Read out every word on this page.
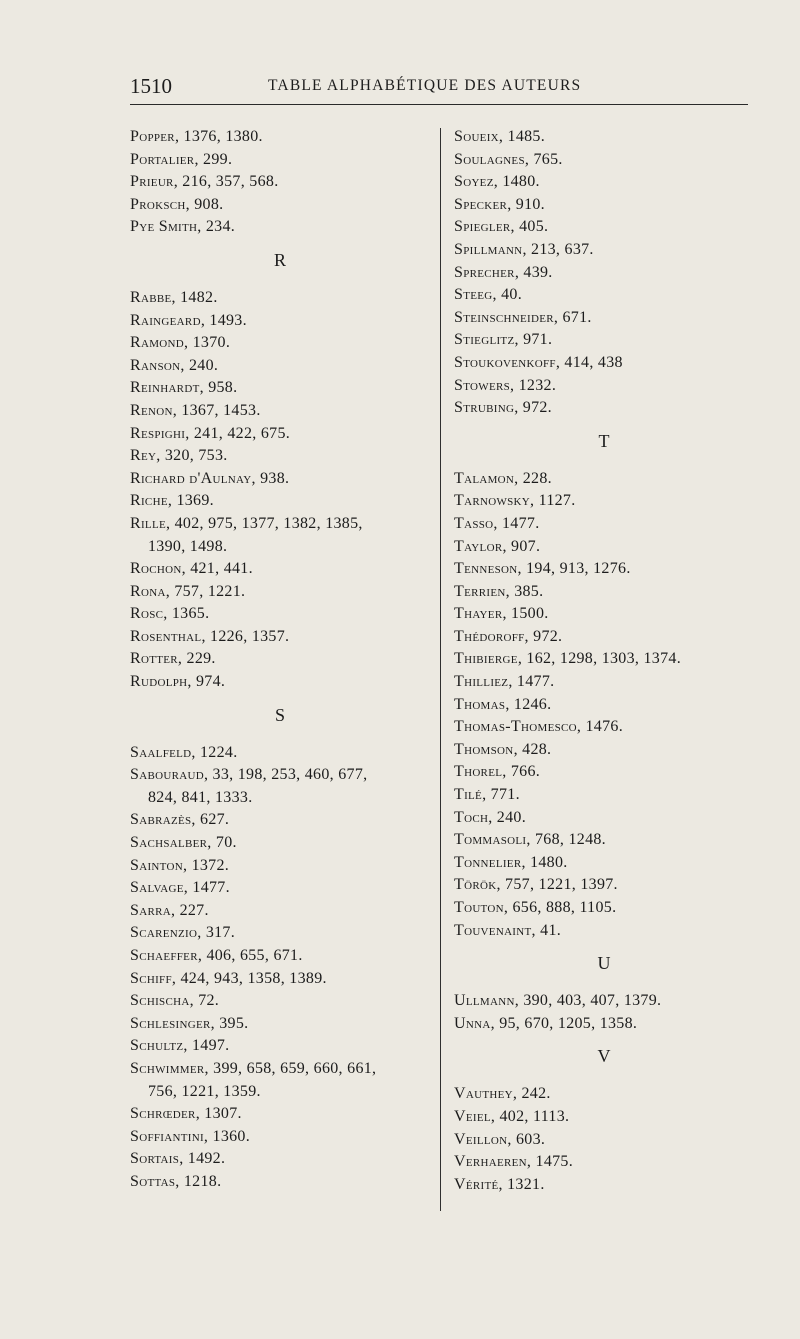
1510	TABLE ALPHABÉTIQUE DES AUTEURS
Popper, 1376, 1380.
Portalier, 299.
Prieur, 216, 357, 568.
Proksch, 908.
Pye Smith, 234.
R
Rabbe, 1482.
Raingeard, 1493.
Ramond, 1370.
Ranson, 240.
Reinhardt, 958.
Renon, 1367, 1453.
Respighi, 241, 422, 675.
Rey, 320, 753.
Richard d'Aulnay, 938.
Riche, 1369.
Rille, 402, 975, 1377, 1382, 1385,
1390, 1498.
Rochon, 421, 441.
Rona, 757, 1221.
Rosc, 1365.
Rosenthal, 1226, 1357.
Rotter, 229.
Rudolph, 974.
S
Saalfeld, 1224.
Sabouraud, 33, 198, 253, 460, 677,
824, 841, 1333.
Sabrazès, 627.
Sachsalber, 70.
Sainton, 1372.
Salvage, 1477.
Sarra, 227.
Scarenzio, 317.
Schaeffer, 406, 655, 671.
Schiff, 424, 943, 1358, 1389.
Schischa, 72.
Schlesinger, 395.
Schultz, 1497.
Schwimmer, 399, 658, 659, 660, 661,
756, 1221, 1359.
Schrœder, 1307.
Soffiantini, 1360.
Sortais, 1492.
Sottas, 1218.
Soueix, 1485.
Soulagnes, 765.
Soyez, 1480.
Specker, 910.
Spiegler, 405.
Spillmann, 213, 637.
Sprecher, 439.
Steeg, 40.
Steinschneider, 671.
Stieglitz, 971.
Stoukovenkoff, 414, 438
Stowers, 1232.
Strubing, 972.
T
Talamon, 228.
Tarnowsky, 1127.
Tasso, 1477.
Taylor, 907.
Tenneson, 194, 913, 1276.
Terrien, 385.
Thayer, 1500.
Thédoroff, 972.
Thibierge, 162, 1298, 1303, 1374.
Thilliez, 1477.
Thomas, 1246.
Thomas-Thomesco, 1476.
Thomson, 428.
Thorel, 766.
Tilé, 771.
Toch, 240.
Tommasoli, 768, 1248.
Tonnelier, 1480.
Török, 757, 1221, 1397.
Touton, 656, 888, 1105.
Touvenaint, 41.
U
Ullmann, 390, 403, 407, 1379.
Unna, 95, 670, 1205, 1358.
V
Vauthey, 242.
Veiel, 402, 1113.
Veillon, 603.
Verhaeren, 1475.
Vérité, 1321.
